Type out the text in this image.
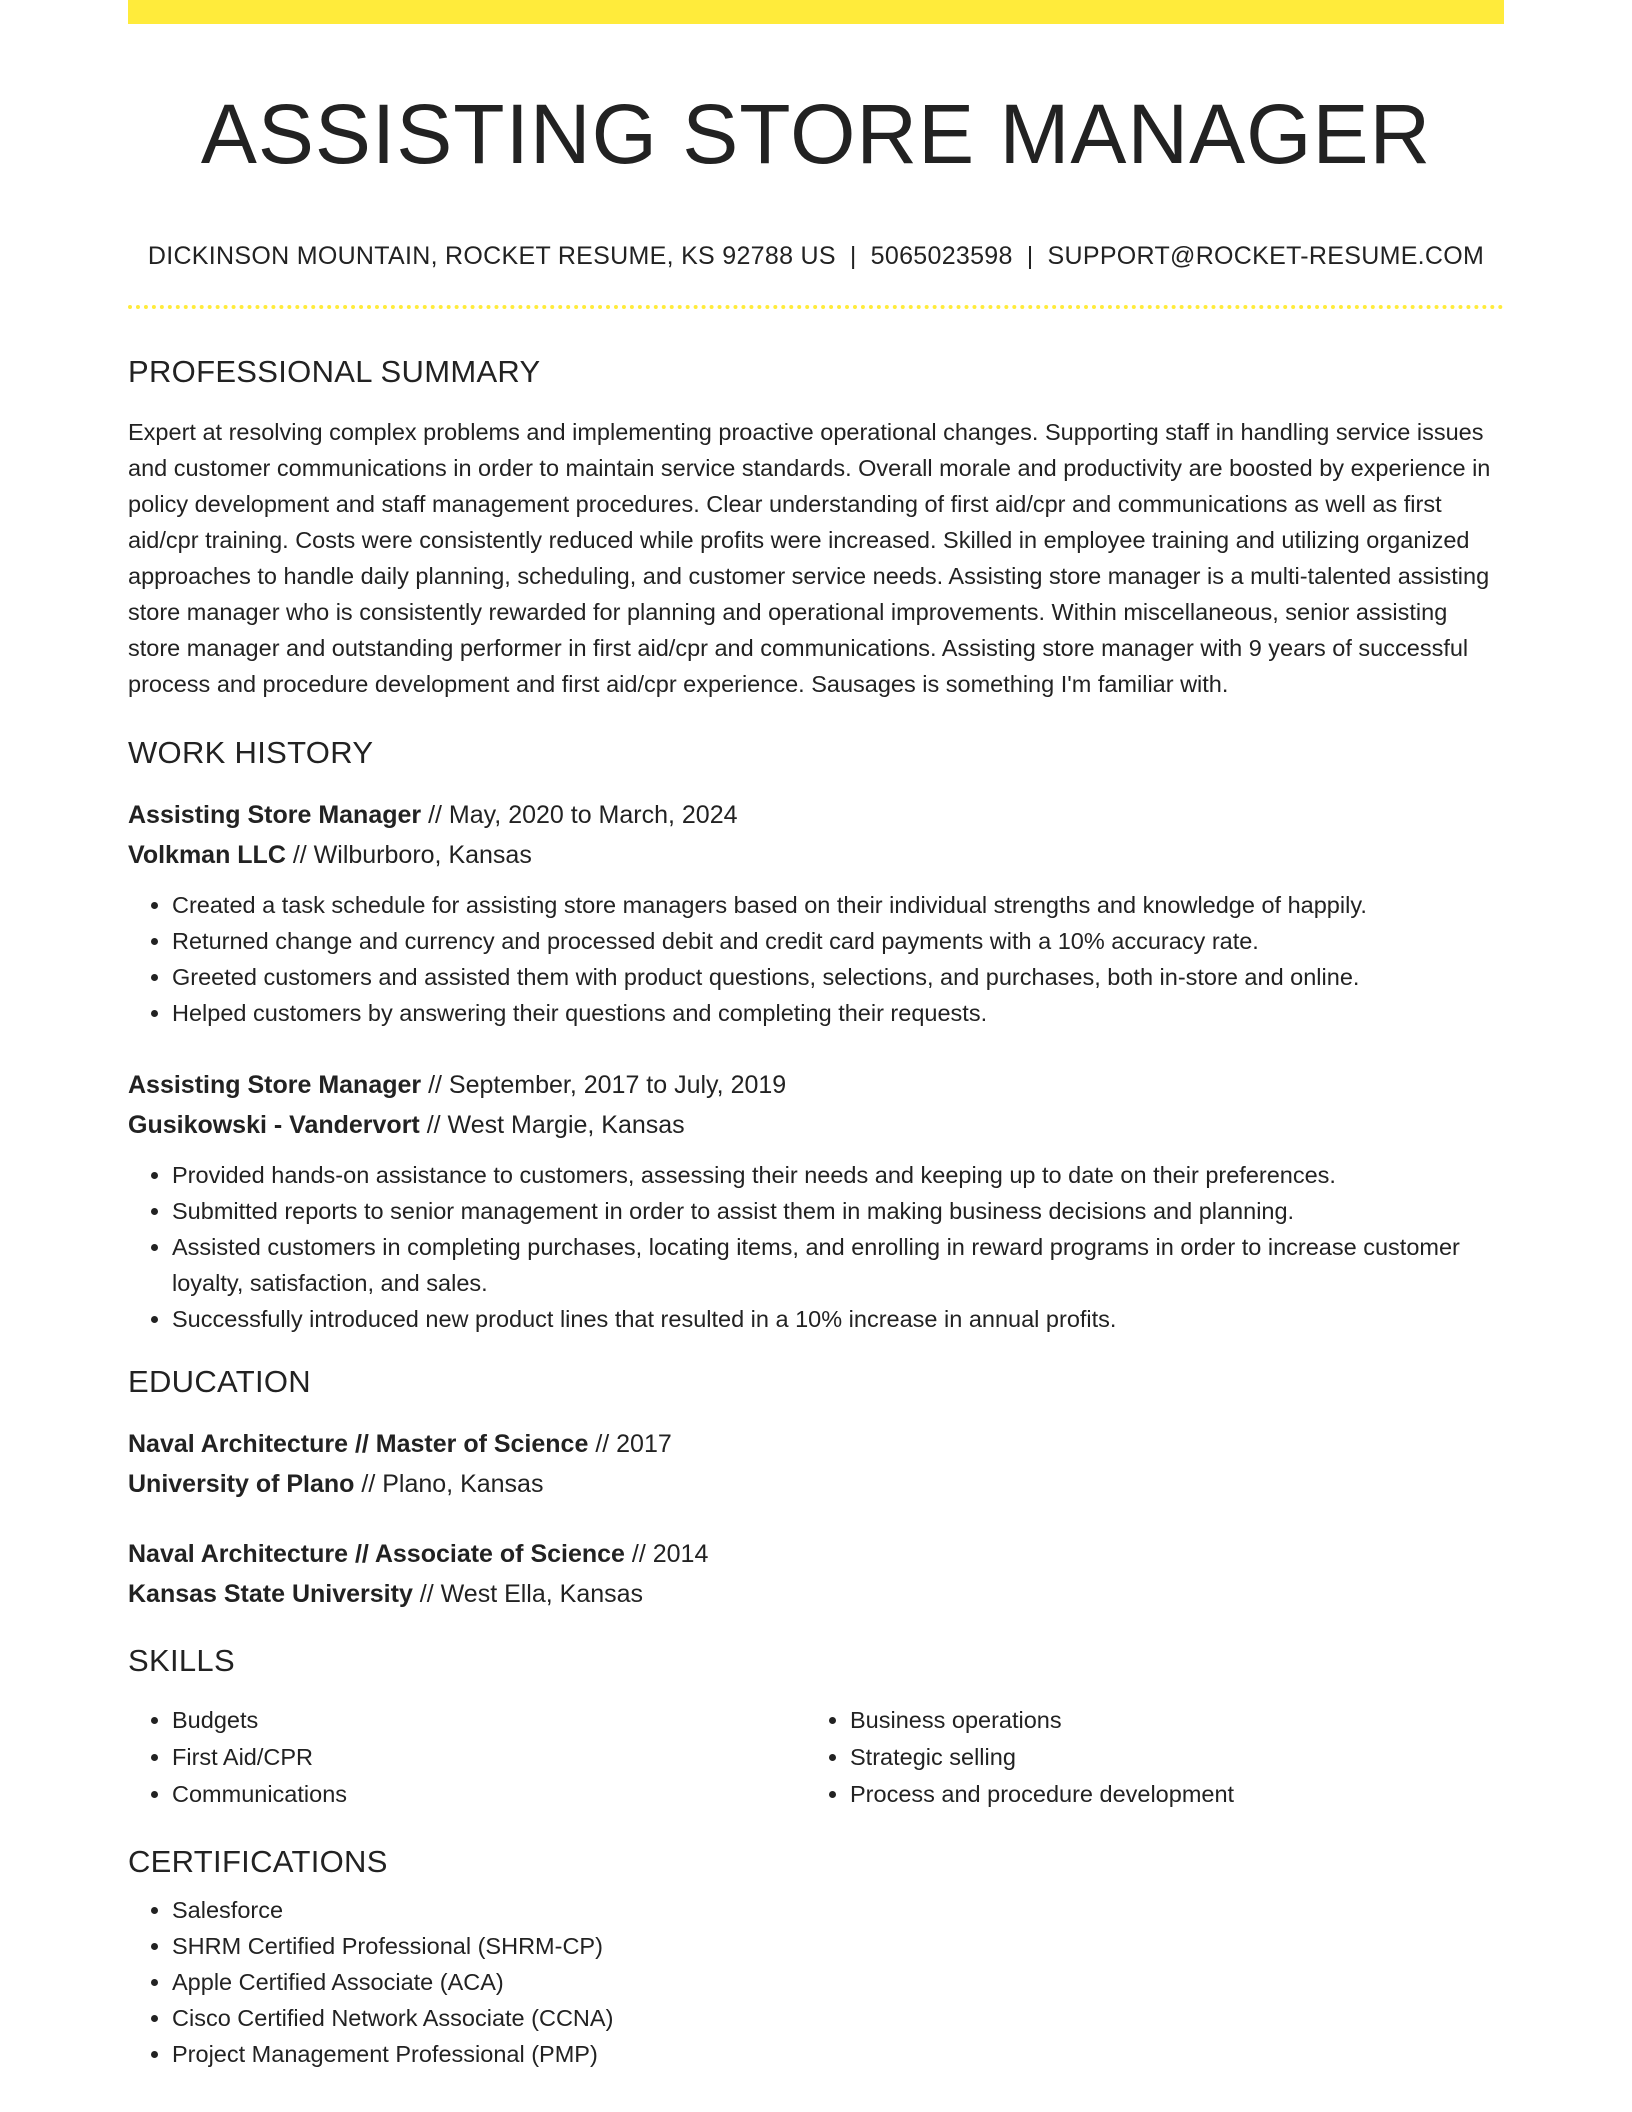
ASSISTING STORE MANAGER
DICKINSON MOUNTAIN, ROCKET RESUME, KS 92788 US | 5065023598 | SUPPORT@ROCKET-RESUME.COM
PROFESSIONAL SUMMARY

Expert at resolving complex problems and implementing proactive operational changes. Supporting staff in handling service issues and customer communications in order to maintain service standards. Overall morale and productivity are boosted by experience in policy development and staff management procedures. Clear understanding of first aid/cpr and communications as well as first aid/cpr training. Costs were consistently reduced while profits were increased. Skilled in employee training and utilizing organized approaches to handle daily planning, scheduling, and customer service needs. Assisting store manager is a multi-talented assisting store manager who is consistently rewarded for planning and operational improvements. Within miscellaneous, senior assisting store manager and outstanding performer in first aid/cpr and communications. Assisting store manager with 9 years of successful process and procedure development and first aid/cpr experience. Sausages is something I'm familiar with.

WORK HISTORY
Assisting Store Manager // May, 2020 to March, 2024
Volkman LLC // Wilburboro, Kansas
• Created a task schedule for assisting store managers based on their individual strengths and knowledge of happily.
• Returned change and currency and processed debit and credit card payments with a 10% accuracy rate.
• Greeted customers and assisted them with product questions, selections, and purchases, both in-store and online.
• Helped customers by answering their questions and completing their requests.
Assisting Store Manager // September, 2017 to July, 2019
Gusikowski - Vandervort // West Margie, Kansas
• Provided hands-on assistance to customers, assessing their needs and keeping up to date on their preferences.
• Submitted reports to senior management in order to assist them in making business decisions and planning.
• Assisted customers in completing purchases, locating items, and enrolling in reward programs in order to increase customer loyalty, satisfaction, and sales.
• Successfully introduced new product lines that resulted in a 10% increase in annual profits.
EDUCATION
Naval Architecture // Master of Science // 2017
University of Plano // Plano, Kansas
Naval Architecture // Associate of Science // 2014
Kansas State University // West Ella, Kansas
SKILLS
• Budgets
• First Aid/CPR
• Communications
• Business operations
• Strategic selling
• Process and procedure development
CERTIFICATIONS
• Salesforce
• SHRM Certified Professional (SHRM-CP)
• Apple Certified Associate (ACA)
• Cisco Certified Network Associate (CCNA)
• Project Management Professional (PMP)
